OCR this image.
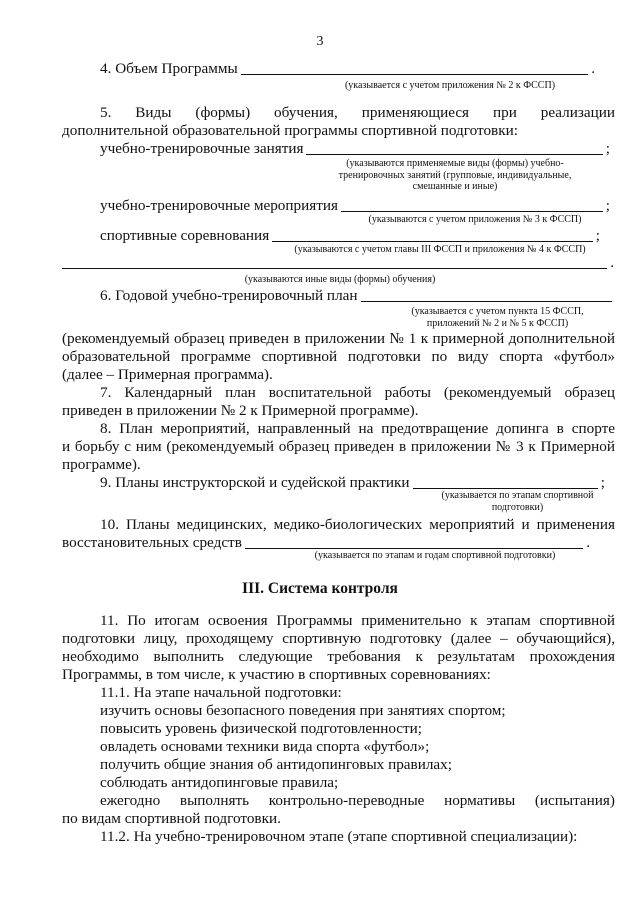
3
4. Объем Программы	.
(указывается с учетом приложения № 2 к ФССП)
5. Виды (формы) обучения, применяющиеся при реализации
дополнительной образовательной программы спортивной подготовки:
учебно-тренировочные занятия	;
(указываются применяемые виды (формы) учебно-
тренировочных занятий (групповые, индивидуальные,
смешанные и иные)
учебно-тренировочные мероприятия	;
(указываются с учетом приложения № 3 к ФССП)
спортивные соревнования	;
(указываются с учетом главы III ФССП и приложения № 4 к ФССП)
.
(указываются иные виды (формы) обучения)
6. Годовой учебно-тренировочный план
(указывается с учетом пункта 15 ФССП,
приложений № 2 и № 5 к ФССП)
(рекомендуемый образец приведен в приложении № 1 к примерной дополнительной
образовательной программе спортивной подготовки по виду спорта «футбол»
(далее – Примерная программа).
7. Календарный план воспитательной работы (рекомендуемый образец
приведен в приложении № 2 к Примерной программе).
8. План мероприятий, направленный на предотвращение допинга в спорте
и борьбу с ним (рекомендуемый образец приведен в приложении № 3 к Примерной
программе).
9. Планы инструкторской и судейской практики	;
(указывается по этапам спортивной
подготовки)
10. Планы медицинских, медико-биологических мероприятий и применения
восстановительных средств	.
(указывается по этапам и годам спортивной подготовки)
III. Система контроля
11. По итогам освоения Программы применительно к этапам спортивной
подготовки лицу, проходящему спортивную подготовку (далее – обучающийся),
необходимо выполнить следующие требования к результатам прохождения
Программы, в том числе, к участию в спортивных соревнованиях:
11.1. На этапе начальной подготовки:
изучить основы безопасного поведения при занятиях спортом;
повысить уровень физической подготовленности;
овладеть основами техники вида спорта «футбол»;
получить общие знания об антидопинговых правилах;
соблюдать антидопинговые правила;
ежегодно выполнять контрольно-переводные нормативы (испытания)
по видам спортивной подготовки.
11.2. На учебно-тренировочном этапе (этапе спортивной специализации):
